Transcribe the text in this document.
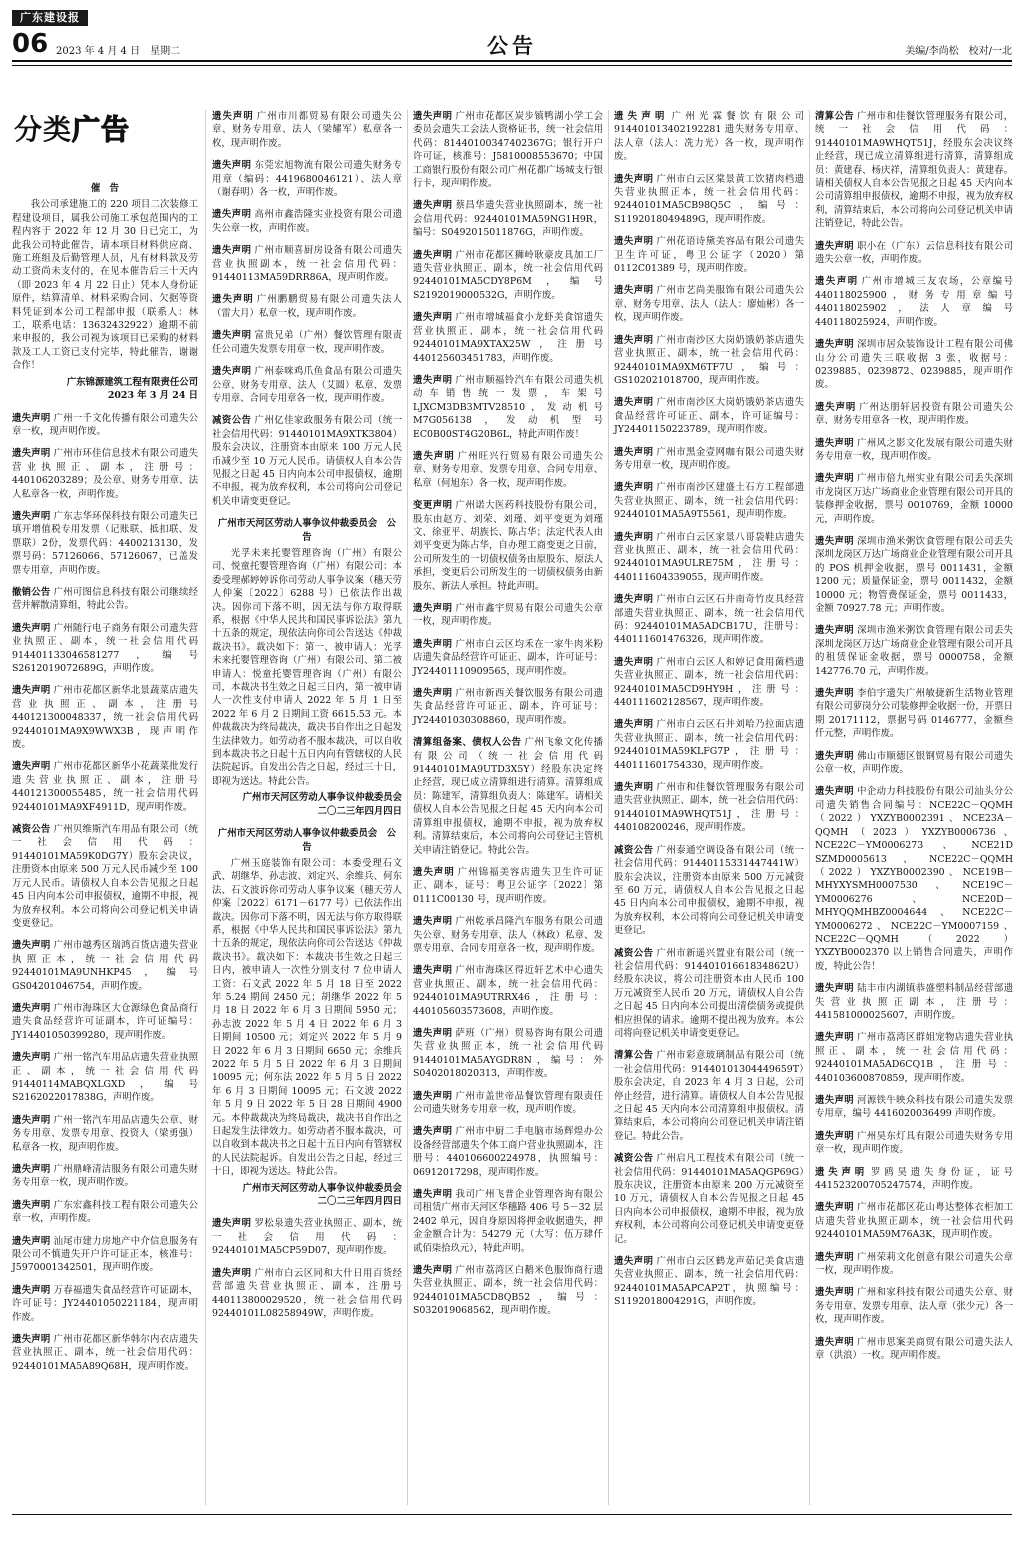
广东建设报
06 2023 年 4 月 4 日　星期二	公告	美编/李尚松　校对/一北
分类广告
催　告
我公司承建施工的 220 项目二次装修工程建设项目，属我公司施工承包范围内的工程内容于 2022 年 12 月 30 日已完工，为此我公司特此催告，请本项目材料供应商、施工班组及后勤管理人员，凡有材料款及劳动工资尚未支付的，在见本催告后三十天内（即 2023 年 4 月 22 日止）凭本人身份证原件，结算清单、材料采购合同、欠据等资料凭证到本公司工程部申报（联系人：林工，联系电话：13632432922）逾期不前来申报的，我公司视为该项目已采购的材料款及工人工资已支付完毕，特此催告，谢谢合作！
广东锦源建筑工程有限责任公司
2023 年 3 月 24 日
遗失声明 广州一千文化传播有限公司遗失公章一枚，现声明作废。
遗失声明 广州市环佳信息技术有限公司遗失营业执照正、副本，注册号：440106203289；及公章、财务专用章、法人私章各一枚，声明作废。
遗失声明 广东志华环保科技有限公司遗失已填开增值税专用发票（记账联、抵扣联、发票联）2份，发票代码：4400213130，发票号码：57126066、57126067，已盖发票专用章，声明作废。
撤销公告 广州可图信息科技有限公司继续经营并解散清算组，特此公告。
遗失声明 广州随行电子商务有限公司遗失营业执照正、副本，统一社会信用代码 914401133046581277，编号 S2612019072689G，声明作废。
遗失声明 广州市花都区新华北景蔬菜店遗失营业执照正、副本，注册号 440121300048337，统一社会信用代码 92440101MA9X9WWX3B，现声明作废。
遗失声明 广州市花都区新华小花蔬菜批发行遗失营业执照正、副本，注册号 440121300055485，统一社会信用代码 92440101MA9XF4911D，现声明作废。
减资公告 广州贝维斯汽车用品有限公司（统一社会信用代码：91440101MA59K0DG7Y）股东会决议，注册资本由原来 500 万元人民币减少至 100 万元人民币。请债权人自本公告见报之日起 45 日内向本公司申报债权，逾期不申报，视为放弃权利。本公司将向公司登记机关申请变更登记。
遗失声明 广州市越秀区瑞鸿百货店遗失营业执照正本，统一社会信用代码 92440101MA9UNHKP45，编号 GS04201046754，声明作废。
遗失声明 广州市海珠区大仓源绿色食品商行遗失食品经营许可证副本，许可证编号：JY14401050399280，现声明作废。
遗失声明 广州一铭汽车用品店遗失营业执照正、副本，统一社会信用代码 91440114MABQXLGXD，编号 S2162022017838G，声明作废。
遗失声明 广州一铭汽车用品店遗失公章、财务专用章、发票专用章、投资人（梁勇强）私章各一枚，现声明作废。
遗失声明 广州鼎峰清洁服务有限公司遗失财务专用章一枚，现声明作废。
遗失声明 广东宏鑫科技工程有限公司遗失公章一枚，声明作废。
遗失声明 汕尾市建力房地产中介信息服务有限公司不慎遗失开户许可证正本，核准号：J5970001342501，现声明作废。
遗失声明 万春福遗失食品经营许可证副本，许可证号：JY24401050221184，现声明作废。
遗失声明 广州市花都区新华韩尔内衣店遗失营业执照正、副本，统一社会信用代码：92440101MA5A89Q68H，现声明作废。
遗失声明 广州市川都贸易有限公司遗失公章、财务专用章、法人（梁耀军）私章各一枚，现声明作废。
遗失声明 东莞宏旭物流有限公司遗失财务专用章（编码：4419680046121）、法人章（谢春明）各一枚，声明作废。
遗失声明 高州市鑫浩隆实业投资有限公司遗失公章一枚，声明作废。
遗失声明 广州市顺喜厨房设备有限公司遗失营业执照副本，统一社会信用代码：91440113MA59DRR86A，现声明作废。
遗失声明 广州鹏鹏贸易有限公司遗失法人（雷大月）私章一枚，现声明作废。
遗失声明 富贵兄弟（广州）餐饮管理有限责任公司遗失发票专用章一枚，现声明作废。
遗失声明 广州泰咪鸡爪鱼食品有限公司遗失公章、财务专用章、法人（艾圆）私章、发票专用章、合同专用章各一枚，现声明作废。
减资公告 广州亿佳家政服务有限公司（统一社会信用代码：91440101MA9XTK3804）股东会决议，注册资本由原来 100 万元人民币减少至 10 万元人民币。请债权人自本公告见报之日起 45 日内向本公司申报债权，逾期不申报，视为放弃权利，本公司将向公司登记机关申请变更登记。
广州市天河区劳动人事争议仲裁委员会　公　告
光孚未来托婴管理咨询（广州）有限公司、悦童托婴管理咨询（广州）有限公司：本委受理郝婷婷诉你司劳动人事争议案（穗天劳人仲案〔2022〕6288 号）已依法作出裁决。因你司下落不明，因无法与你方取得联系，根据《中华人民共和国民事诉讼法》第九十五条的规定，现依法向你司公告送达《仲裁裁决书》。裁决如下：第一、被申请人：光孚未来托婴管理咨询（广州）有限公司、第二被申请人：悦童托婴管理咨询（广州）有限公司，本裁决书生效之日起三日内，第一被申请人一次性支付申请人 2022 年 5 月 1 日至 2022 年 6 月 2 日期间工资 6615.53 元。本仲裁裁决为终局裁决，裁决书自作出之日起发生法律效力。如劳动者不服本裁决，可以自收到本裁决书之日起十五日内向有管辖权的人民法院起诉。自发出公告之日起，经过三十日，即视为送达。特此公告。
广州市天河区劳动人事争议仲裁委员会
二〇二三年四月四日
广州市天河区劳动人事争议仲裁委员会　公　告
广州玉庭装饰有限公司：本委受理石文武、胡继华、孙志波、刘定兴、余维兵、何东法、石文波诉你司劳动人事争议案（穗天劳人仲案〔2022〕6171－6177 号）已依法作出裁决。因你司下落不明，因无法与你方取得联系，根据《中华人民共和国民事诉讼法》第九十五条的规定，现依法向你司公告送达《仲裁裁决书》。裁决如下：本裁决书生效之日起三日内，被申请人一次性分别支付 7 位申请人工资：石文武 2022 年 5 月 18 日至 2022 年 5.24 期间 2450 元；胡继华 2022 年 5 月 18 日 2022 年 6 月 3 日期间 5950 元；孙志波 2022 年 5 月 4 日 2022 年 6 月 3 日期间 10500 元；刘定兴 2022 年 5 月 9 日 2022 年 6 月 3 日期间 6650 元；余维兵 2022 年 5 月 5 日 2022 年 6 月 3 日期间 10095 元；何东法 2022 年 5 月 5 日 2022 年 6 月 3 日期间 10095 元；石文波 2022 年 5 月 9 日 2022 年 5 日 28 日期间 4900 元。本仲裁裁决为终局裁决，裁决书自作出之日起发生法律效力。如劳动者不服本裁决，可以自收到本裁决书之日起十五日内向有管辖权的人民法院起诉。自发出公告之日起，经过三十日，即视为送达。特此公告。
广州市天河区劳动人事争议仲裁委员会
二〇二三年四月四日
遗失声明 罗松泉遗失营业执照正、副本，统一社会信用代码：92440101MA5CP59D07，现声明作废。
遗失声明 广州市白云区同和大什日用百货经营部遗失营业执照正、副本，注册号 440113800029520，统一社会信用代码 92440101L08258949W，声明作废。
遗失声明 广州市花都区炭步镇鸭湖小学工会委员会遗失工会法人资格证书，统一社会信用代码：81440100347402367G；银行开户许可证，核准号：J5810008553670；中国工商银行股份有限公司广州花都广场城支行银行卡，现声明作废。
遗失声明 蔡昌华遗失营业执照副本，统一社会信用代码：92440101MA59NG1H9R，编号：S0492015011876G，声明作废。
遗失声明 广州市花都区狮岭耿豪皮具加工厂遗失营业执照正、副本，统一社会信用代码 92440101MA5CDY8P6M，编号 S2192019000532G，声明作废。
遗失声明 广州市增城福食小龙虾美食馆遗失营业执照正、副本，统一社会信用代码 92440101MA9XTAX25W，注册号 440125603451783，声明作废。
遗失声明 广州市顺福铃汽车有限公司遗失机动车销售统一发票，车架号 LJXCM3DB3MTV28510，发动机号 M7G056138，发动机型号 EC0B00ST4G20B6L，特此声明作废！
遗失声明 广州旺兴行贸易有限公司遗失公章、财务专用章、发票专用章、合同专用章、私章（何旭东）各一枚，现声明作废。
变更声明 广州诺大医药科技股份有限公司，股东由赵方、刘荣、刘瑾、刘平变更为刘瑾文、徐亚平、胡族长、陈占华；法定代表人由刘平变更为陈占华，自办理工商变更之日前，公司所发生的一切债权债务由原股东、原法人承担，变更后公司所发生的一切债权债务由新股东、新法人承担。特此声明。
遗失声明 广州市鑫宇贸易有限公司遗失公章一枚，现声明作废。
遗失声明 广州市白云区均禾在一家牛肉米粉店遗失食品经营许可证正、副本，许可证号：JY24401110909565，现声明作废。
遗失声明 广州市新西关餐饮服务有限公司遗失食品经营许可证正、副本，许可证号：JY24401030308860，现声明作废。
清算组备案、债权人公告 广州飞象文化传播有限公司（统一社会信用代码 91440101MA9UTD3X5Y）经股东决定终止经营，现已成立清算组进行清算。清算组成员：陈建军，清算组负责人：陈建军。请相关债权人自本公告见报之日起 45 天内向本公司清算组申报债权，逾期不申报，视为放弃权利。清算结束后，本公司将向公司登记主管机关申请注销登记。特此公告。
遗失声明 广州锦福美容店遗失卫生许可证正、副本，证号：粤卫公证字〔2022〕第 0111C00130 号，现声明作废。
遗失声明 广州乾承昌隆汽车服务有限公司遗失公章、财务专用章、法人（林政）私章、发票专用章、合同专用章各一枚，现声明作废。
遗失声明 广州市海珠区得近轩艺术中心遗失营业执照正、副本，统一社会信用代码：92440101MA9UTRRX46，注册号：440105603573608，声明作废。
遗失声明 萨班（广州）贸易咨询有限公司遗失营业执照正本，统一社会信用代码 91440101MA5AYGDR8N，编号：外 S0402018020313，声明作废。
遗失声明 广州市盖世帝品餐饮管理有限责任公司遗失财务专用章一枚，现声明作废。
遗失声明 广州市中厨二手电脑市场辉煌办公设备经营部遗失个体工商户营业执照副本，注册号：440106600224978，执照编号：06912017298，现声明作废。
遗失声明 我司广州飞普企业管理咨询有限公司租赁广州市天河区华穗路 406 号 5－32 层 2402 单元，因自身原因将押金收据遗失，押金金额合计为：54279 元（大写：伍万肆仟贰佰柒拾玖元），特此声明。
遗失声明 广州市荔湾区白鹅米色服饰商行遗失营业执照正、副本，统一社会信用代码：92440101MA5CD8QB52，编号：S032019068562，现声明作废。
遗失声明 广州光霖餐饮有限公司 914401013402192281 遗失财务专用章、法人章（法人：冼力光）各一枚，现声明作废。
遗失声明 广州市白云区棠景黄工饮猪肉档遗失营业执照正本，统一社会信用代码：92440101MA5CB98Q5C，编号：S1192018049489G，现声明作废。
遗失声明 广州花语诗黛美容品有限公司遗失卫生许可证，粤卫公证字（2020）第 0112C01389 号，现声明作废。
遗失声明 广州市艺尚美服饰有限公司遗失公章、财务专用章、法人（法人：廖灿彬）各一枚，现声明作废。
遗失声明 广州市南沙区大岗奶饿奶茶店遗失营业执照正、副本，统一社会信用代码：92440101MA9XM6TF7U，编号：GS102021018700，现声明作废。
遗失声明 广州市南沙区大岗奶饿奶茶店遗失食品经营许可证正、副本，许可证编号：JY24401150223789，现声明作废。
遗失声明 广州市黑金壹网咖有限公司遗失财务专用章一枚，现声明作废。
遗失声明 广州市南沙区建盛土石方工程部遗失营业执照正、副本，统一社会信用代码：92440101MA5A9T5561，现声明作废。
遗失声明 广州市白云区家景八哥袋鞋店遗失营业执照正、副本，统一社会信用代码：92440101MA9ULRE75M，注册号：440111604339055，现声明作废。
遗失声明 广州市白云区石井南奇竹皮具经营部遗失营业执照正、副本，统一社会信用代码：92440101MA5ADCB17U，注册号：440111601476326，现声明作废。
遗失声明 广州市白云区人和婷记食用菌档遗失营业执照正、副本，统一社会信用代码：92440101MA5CD9HY9H，注册号：440111602128567，现声明作废。
遗失声明 广州市白云区石井刘哈乃拉面店遗失营业执照正、副本，统一社会信用代码：92440101MA59KLFG7P，注册号：440111601754330，现声明作废。
遗失声明 广州市和佳餐饮管理服务有限公司遗失营业执照正、副本，统一社会信用代码：91440101MA9WHQT51J，注册号：440108200246，现声明作废。
减资公告 广州泰通空调设备有限公司（统一社会信用代码：91440115331447441W）股东会决议，注册资本由原来 500 万元减资至 60 万元，请债权人自本公告见报之日起 45 日内向本公司申报债权，逾期不申报，视为放弃权利，本公司将向公司登记机关申请变更登记。
减资公告 广州市新遥兴置业有限公司（统一社会信用代码：91440101661834862U）经股东决议，将公司注册资本由人民币 100 万元减资至人民币 20 万元，请债权人自公告之日起 45 日内向本公司提出清偿债务或提供相应担保的请求。逾期不提出视为放弃。本公司将向登记机关申请变更登记。
清算公告 广州市彩意玻璃制品有限公司（统一社会信用代码：91440101304449659T）股东会决定，自 2023 年 4 月 3 日起，公司停止经营，进行清算。请债权人自本公告见报之日起 45 天内向本公司清算组申报债权。清算结束后，本公司将向公司登记机关申请注销登记。特此公告。
减资公告 广州启凡工程技术有限公司（统一社会信用代码：91440101MA5AQGP69G）股东决议，注册资本由原来 200 万元减资至 10 万元，请债权人自本公告见报之日起 45 日内向本公司申报债权，逾期不申报，视为放弃权利，本公司将向公司登记机关申请变更登记。
遗失声明 广州市白云区鹤龙声茹记美食店遗失营业执照正、副本，统一社会信用代码：92440101MA5APCAP2T，执照编号：S1192018004291G，声明作废。
清算公告 广州市和佳餐饮管理服务有限公司，统一社会信用代码：91440101MA9WHQT51J，经股东会决议终止经营，现已成立清算组进行清算，清算组成员：黄建春、杨庆祥，清算组负责人：黄建春。请相关债权人自本公告见报之日起 45 天内向本公司清算组申报债权，逾期不申报，视为放弃权利，清算结束后，本公司将向公司登记机关申请注销登记，特此公告。
遗失声明 职小在（广东）云信息科技有限公司遗失公章一枚，声明作废。
遗失声明 广州市增城三友农场，公章编号 440118025900，财务专用章编号 440118025902，法人章编号 440118025924，声明作废。
遗失声明 深圳市居众装饰设计工程有限公司佛山分公司遗失三联收据 3 张，收据号：0239885、0239872、0239885，现声明作废。
遗失声明 广州达朋轩居投资有限公司遗失公章、财务专用章各一枚，现声明作废。
遗失声明 广州风之影文化发展有限公司遗失财务专用章一枚，现声明作废。
遗失声明 广州市倍九州实业有限公司丢失深圳市龙岗区万达广场商业企业管理有限公司开具的装修押金收据，票号 0010769，金额 10000 元，声明作废。
遗失声明 深圳市渔米粥饮食管理有限公司丢失深圳龙岗区万达广场商业企业管理有限公司开具的 POS 机押金收据，票号 0011431，金额 1200 元；质量保证金，票号 0011432，金额 10000 元；物管费保证金，票号 0011433，金额 70927.78 元；声明作废。
遗失声明 深圳市渔米粥饮食管理有限公司丢失深圳龙岗区万达广场商业企业管理有限公司开具的租赁保证金收据，票号 0000758，金额 142776.70 元，声明作废。
遗失声明 李伯宇遗失广州敏捷新生活物业管理有限公司萝岗分公司装修押金收据一份，开票日期 20171112，票据号码 0146777，金额叁仟元整，声明作废。
遗失声明 佛山市顺德区银钢贸易有限公司遗失公章一枚，声明作废。
遗失声明 中企动力科技股份有限公司汕头分公司遗失销售合同编号：NCE22C－QQMH（2022）YXZYB0002391、NCE23A－QQMH（2023）YXZYB0006736、NCE22C－YM0006273、NCE21D SZMD0005613、NCE22C－QQMH（2022）YXZYB0002390、NCE19B－MHYXYSMH0007530、NCE19C－YM0006276、NCE20D－MHYQQMHBZ0004644、NCE22C－YM0006272、NCE22C－YM0007159、NCE22C－QQMH（2022）YXZYB0002370 以上销售合同遗失，声明作废，特此公告！
遗失声明 陆丰市内湖镇恭盛塑料制品经营部遗失营业执照正副本，注册号：441581000025607，声明作废。
遗失声明 广州市荔湾区群姐宠物店遗失营业执照正、副本，统一社会信用代码：92440101MA5AD6CQ1B，注册号：440103600870859，现声明作废。
遗失声明 河源铁牛映众科技有限公司遗失发票专用章，编号 4416020036499 声明作废。
遗失声明 广州昊东灯具有限公司遗失财务专用章一枚，现声明作废。
遗失声明 罗鸥昊遗失身份证，证号 441523200705247574，声明作废。
遗失声明 广州市花都区花山粤达整体衣柜加工店遗失营业执照正副本，统一社会信用代码 92440101MA59M76A3K，现声明作废。
遗失声明 广州荣莉文化创意有限公司遗失公章一枚，现声明作废。
遗失声明 广州和家科技有限公司遗失公章、财务专用章、发票专用章、法人章（张少元）各一枚，现声明作废。
遗失声明 广州市思案美商贸有限公司遗失法人章（洪浪）一枚。现声明作废。
